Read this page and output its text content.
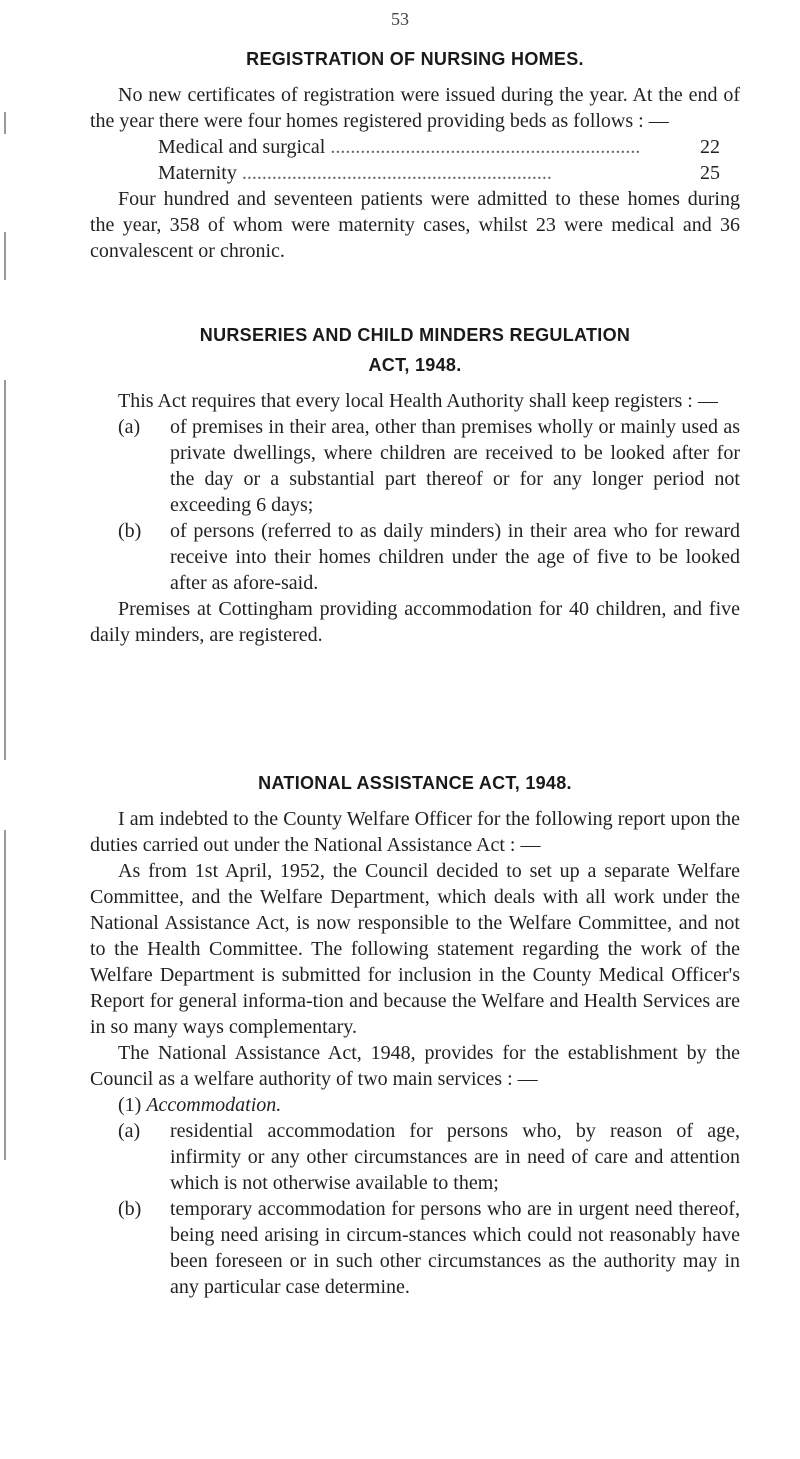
53
REGISTRATION OF NURSING HOMES.

No new certificates of registration were issued during the year. At the end of the year there were four homes registered providing beds as follows : —

Medical and surgical ..............................................................	22
Maternity ..............................................................	25

Four hundred and seventeen patients were admitted to these homes during the year, 358 of whom were maternity cases, whilst 23 were medical and 36 convalescent or chronic.

NURSERIES AND CHILD MINDERS REGULATION
ACT, 1948.

This Act requires that every local Health Authority shall keep registers : —

(a)	of premises in their area, other than premises wholly or mainly used as private dwellings, where children are received to be looked after for the day or a substantial part thereof or for any longer period not exceeding 6 days;
(b)	of persons (referred to as daily minders) in their area who for reward receive into their homes children under the age of five to be looked after as afore-said.

Premises at Cottingham providing accommodation for 40 children, and five daily minders, are registered.

NATIONAL ASSISTANCE ACT, 1948.

I am indebted to the County Welfare Officer for the following report upon the duties carried out under the National Assistance Act : —

As from 1st April, 1952, the Council decided to set up a separate Welfare Committee, and the Welfare Department, which deals with all work under the National Assistance Act, is now responsible to the Welfare Committee, and not to the Health Committee. The following statement regarding the work of the Welfare Department is submitted for inclusion in the County Medical Officer's Report for general informa-tion and because the Welfare and Health Services are in so many ways complementary.

The National Assistance Act, 1948, provides for the establishment by the Council as a welfare authority of two main services : —

(1) Accommodation.

(a)	residential accommodation for persons who, by reason of age, infirmity or any other circumstances are in need of care and attention which is not otherwise available to them;
(b)	temporary accommodation for persons who are in urgent need thereof, being need arising in circum-stances which could not reasonably have been foreseen or in such other circumstances as the authority may in any particular case determine.
